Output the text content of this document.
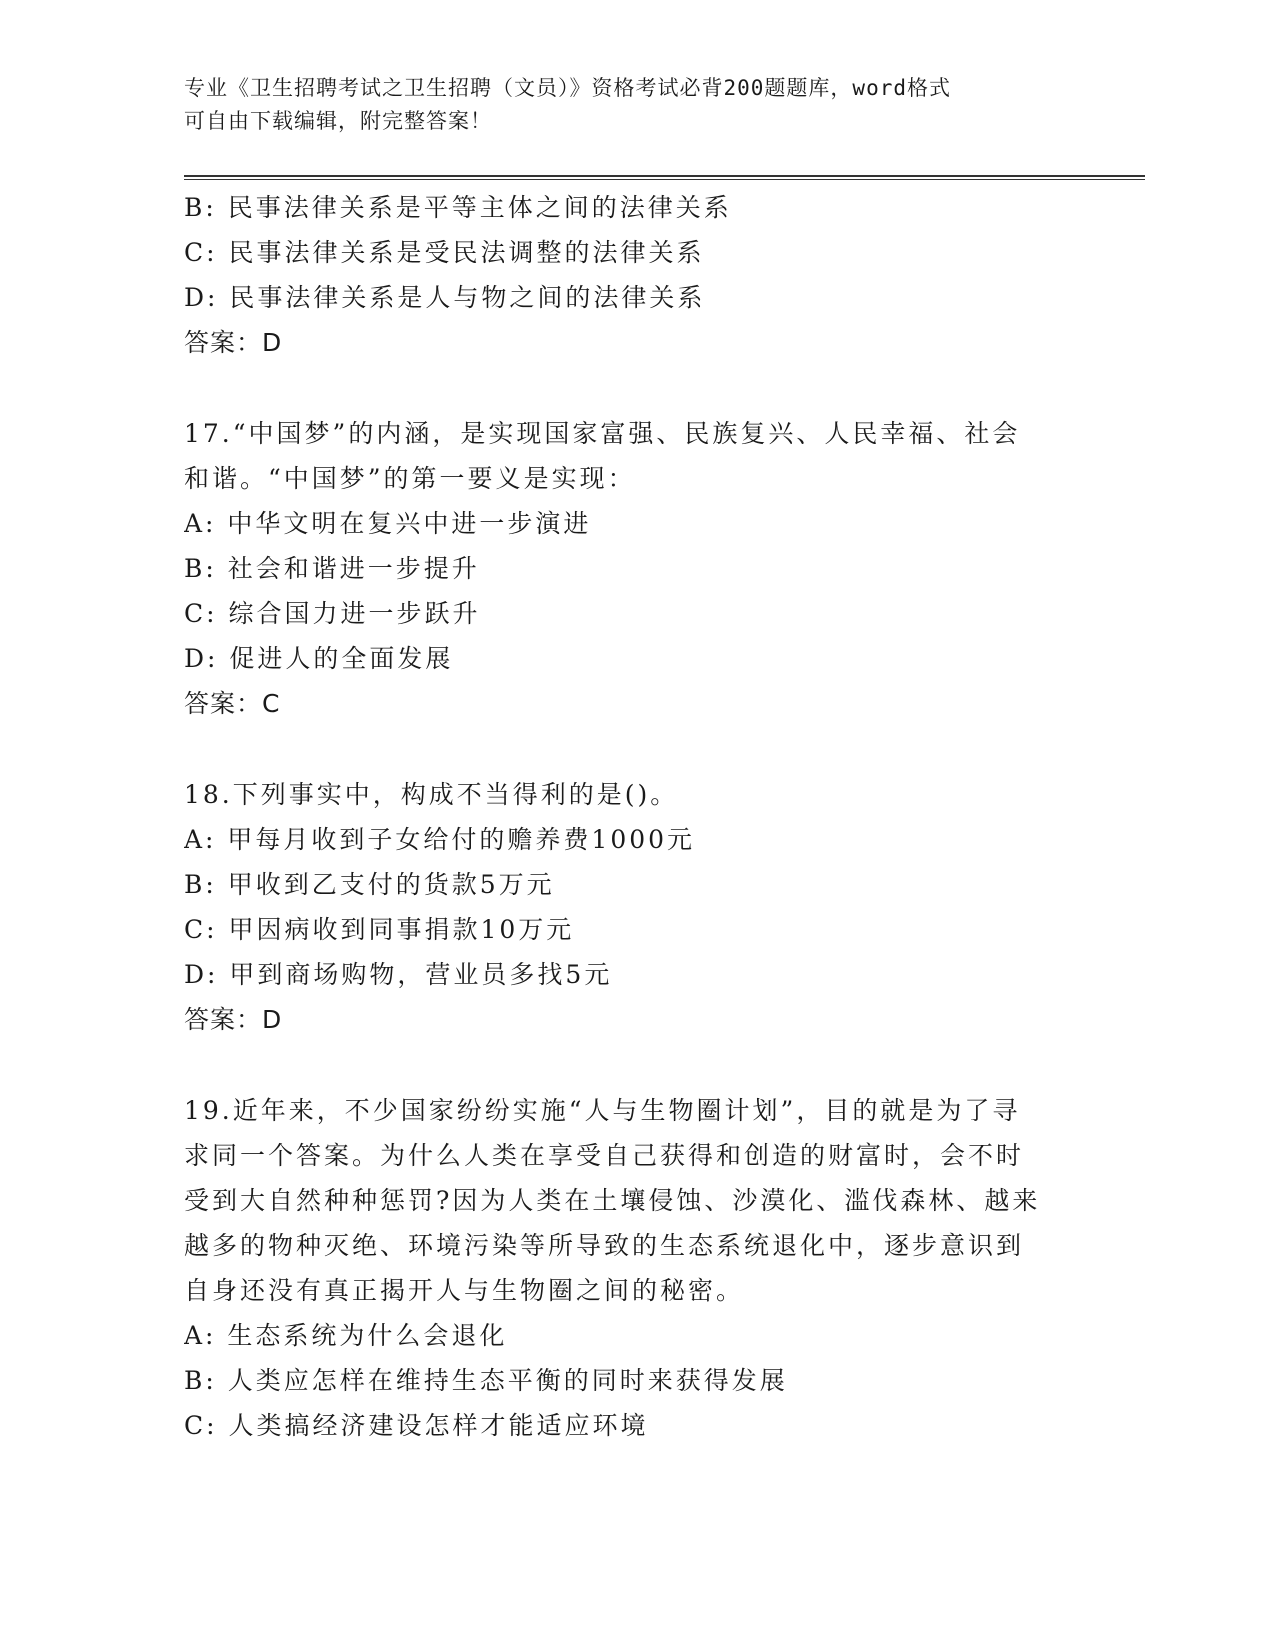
专业《卫生招聘考试之卫生招聘（文员）》资格考试必背200题题库，word格式
可自由下载编辑，附完整答案！
B: 民事法律关系是平等主体之间的法律关系
C: 民事法律关系是受民法调整的法律关系
D: 民事法律关系是人与物之间的法律关系
答案：D
17.“中国梦”的内涵，是实现国家富强、民族复兴、人民幸福、社会
和谐。“中国梦”的第一要义是实现：
A: 中华文明在复兴中进一步演进
B: 社会和谐进一步提升
C: 综合国力进一步跃升
D: 促进人的全面发展
答案：C
18.下列事实中，构成不当得利的是()。
A: 甲每月收到子女给付的赡养费1000元
B: 甲收到乙支付的货款5万元
C: 甲因病收到同事捐款10万元
D: 甲到商场购物，营业员多找5元
答案：D
19.近年来，不少国家纷纷实施“人与生物圈计划”，目的就是为了寻
求同一个答案。为什么人类在享受自己获得和创造的财富时，会不时
受到大自然种种惩罚?因为人类在土壤侵蚀、沙漠化、滥伐森林、越来
越多的物种灭绝、环境污染等所导致的生态系统退化中，逐步意识到
自身还没有真正揭开人与生物圈之间的秘密。
A: 生态系统为什么会退化
B: 人类应怎样在维持生态平衡的同时来获得发展
C: 人类搞经济建设怎样才能适应环境
